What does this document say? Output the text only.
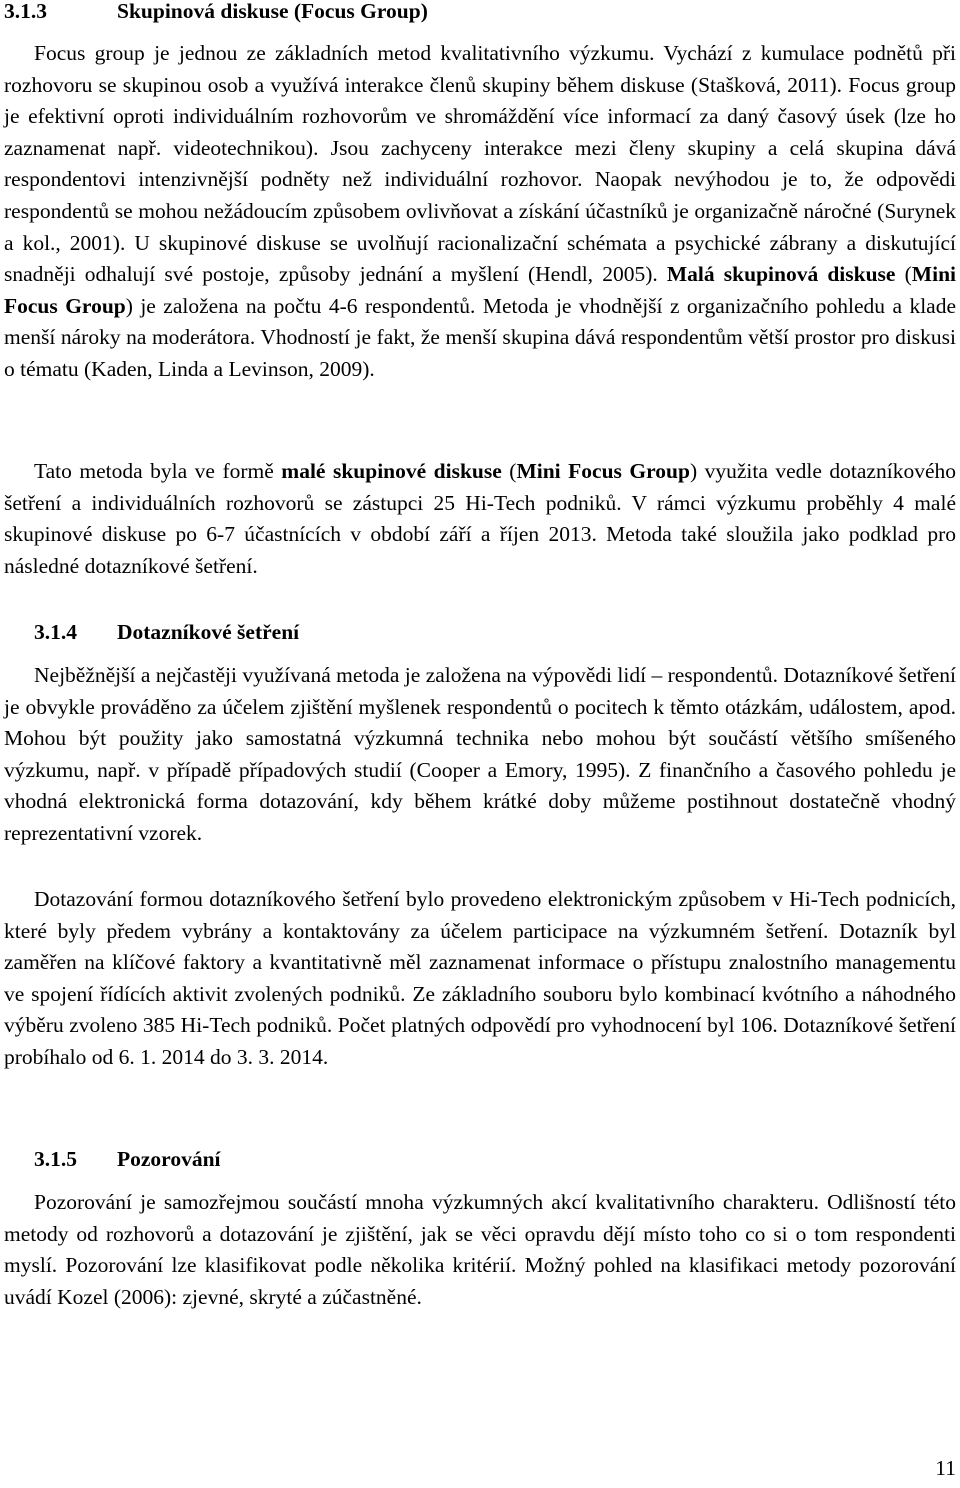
3.1.3	Skupinová diskuse (Focus Group)

Focus group je jednou ze základních metod kvalitativního výzkumu. Vychází z kumulace podnětů při rozhovoru se skupinou osob a využívá interakce členů skupiny během diskuse (Stašková, 2011). Focus group je efektivní oproti individuálním rozhovorům ve shromáždění více informací za daný časový úsek (lze ho zaznamenat např. videotechnikou). Jsou zachyceny interakce mezi členy skupiny a celá skupina dává respondentovi intenzivnější podněty než individuální rozhovor. Naopak nevýhodou je to, že odpovědi respondentů se mohou nežádoucím způsobem ovlivňovat a získání účastníků je organizačně náročné (Surynek a kol., 2001). U skupinové diskuse se uvolňují racionalizační schémata a psychické zábrany a diskutující snadněji odhalují své postoje, způsoby jednání a myšlení (Hendl, 2005). Malá skupinová diskuse (Mini Focus Group) je založena na počtu 4-6 respondentů. Metoda je vhodnější z organizačního pohledu a klade menší nároky na moderátora. Vhodností je fakt, že menší skupina dává respondentům větší prostor pro diskusi o tématu (Kaden, Linda a Levinson, 2009).

Tato metoda byla ve formě malé skupinové diskuse (Mini Focus Group) využita vedle dotazníkového šetření a individuálních rozhovorů se zástupci 25 Hi-Tech podniků. V rámci výzkumu proběhly 4 malé skupinové diskuse po 6-7 účastnících v období září a říjen 2013. Metoda také sloužila jako podklad pro následné dotazníkové šetření.

3.1.4 Dotazníkové šetření

Nejběžnější a nejčastěji využívaná metoda je založena na výpovědi lidí – respondentů. Dotazníkové šetření je obvykle prováděno za účelem zjištění myšlenek respondentů o pocitech k těmto otázkám, událostem, apod. Mohou být použity jako samostatná výzkumná technika nebo mohou být součástí většího smíšeného výzkumu, např. v případě případových studií (Cooper a Emory, 1995). Z finančního a časového pohledu je vhodná elektronická forma dotazování, kdy během krátké doby můžeme postihnout dostatečně vhodný reprezentativní vzorek.

Dotazování formou dotazníkového šetření bylo provedeno elektronickým způsobem v Hi-Tech podnicích, které byly předem vybrány a kontaktovány za účelem participace na výzkumném šetření. Dotazník byl zaměřen na klíčové faktory a kvantitativně měl zaznamenat informace o přístupu znalostního managementu ve spojení řídících aktivit zvolených podniků. Ze základního souboru bylo kombinací kvótního a náhodného výběru zvoleno 385 Hi-Tech podniků. Počet platných odpovědí pro vyhodnocení byl 106. Dotazníkové šetření probíhalo od 6. 1. 2014 do 3. 3. 2014.

3.1.5 Pozorování

Pozorování je samozřejmou součástí mnoha výzkumných akcí kvalitativního charakteru. Odlišností této metody od rozhovorů a dotazování je zjištění, jak se věci opravdu dějí místo toho co si o tom respondenti myslí. Pozorování lze klasifikovat podle několika kritérií. Možný pohled na klasifikaci metody pozorování uvádí Kozel (2006): zjevné, skryté a zúčastněné.

11
